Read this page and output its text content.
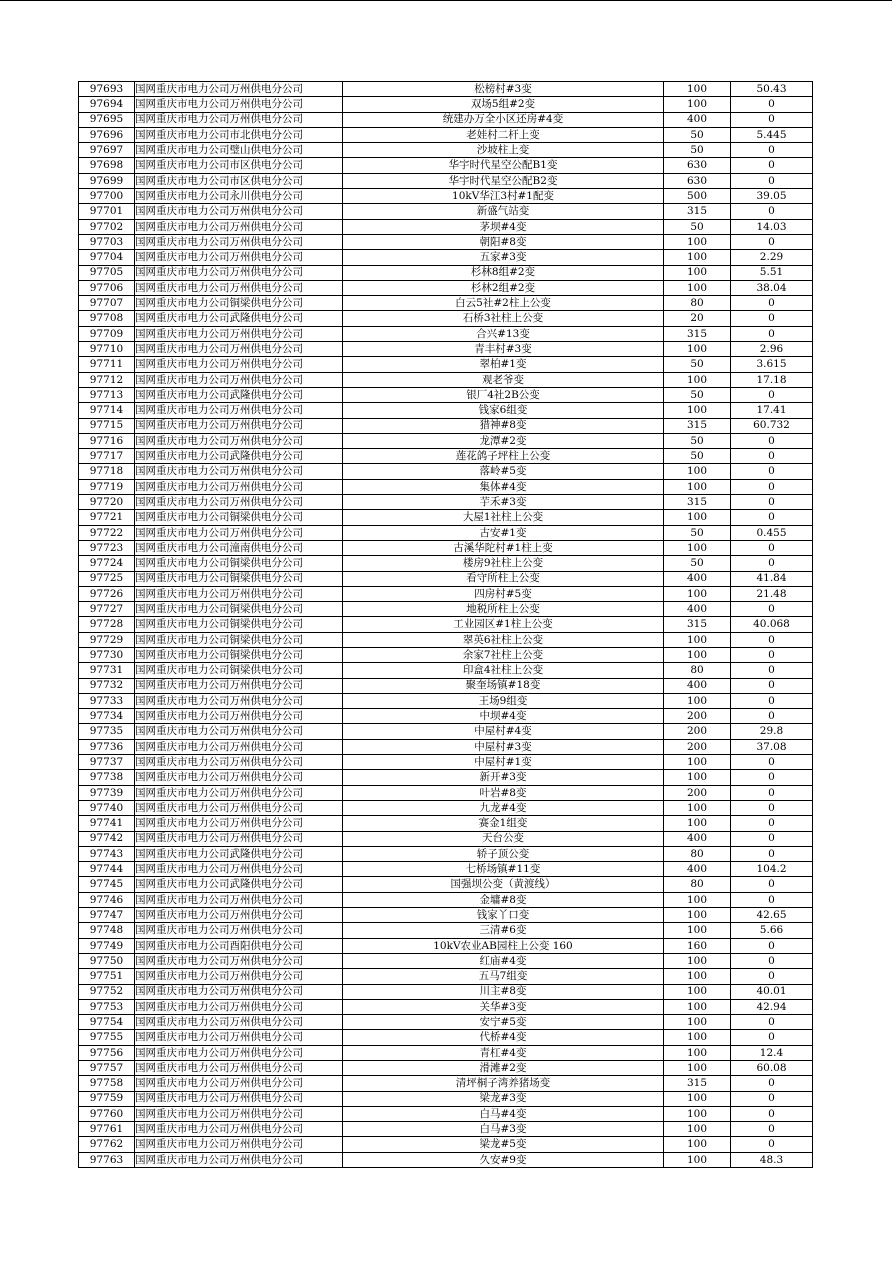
97693	国网重庆市电力公司万州供电分公司	松榜村#3变	100	50.43
97694	国网重庆市电力公司万州供电分公司	双场5组#2变	100	0
97695	国网重庆市电力公司万州供电分公司	统建办万全小区还房#4变	400	0
97696	国网重庆市电力公司市北供电分公司	老娃村二杆上变	50	5.445
97697	国网重庆市电力公司璧山供电分公司	沙坡柱上变	50	0
97698	国网重庆市电力公司市区供电分公司	华宇时代星空公配B1变	630	0
97699	国网重庆市电力公司市区供电分公司	华宇时代星空公配B2变	630	0
97700	国网重庆市电力公司永川供电分公司	10kV华江3村#1配变	500	39.05
97701	国网重庆市电力公司万州供电分公司	新盛气站变	315	0
97702	国网重庆市电力公司万州供电分公司	茅坝#4变	50	14.03
97703	国网重庆市电力公司万州供电分公司	朝阳#8变	100	0
97704	国网重庆市电力公司万州供电分公司	五家#3变	100	2.29
97705	国网重庆市电力公司万州供电分公司	杉林8组#2变	100	5.51
97706	国网重庆市电力公司万州供电分公司	杉林2组#2变	100	38.04
97707	国网重庆市电力公司铜梁供电分公司	白云5社#2柱上公变	80	0
97708	国网重庆市电力公司武隆供电分公司	石桥3社柱上公变	20	0
97709	国网重庆市电力公司万州供电分公司	合兴#13变	315	0
97710	国网重庆市电力公司万州供电分公司	青丰村#3变	100	2.96
97711	国网重庆市电力公司万州供电分公司	翠柏#1变	50	3.615
97712	国网重庆市电力公司万州供电分公司	观老爷变	100	17.18
97713	国网重庆市电力公司武隆供电分公司	银厂4社2B公变	50	0
97714	国网重庆市电力公司万州供电分公司	钱家6组变	100	17.41
97715	国网重庆市电力公司万州供电分公司	猎神#8变	315	60.732
97716	国网重庆市电力公司万州供电分公司	龙潭#2变	50	0
97717	国网重庆市电力公司武隆供电分公司	莲花鸽子坪柱上公变	50	0
97718	国网重庆市电力公司万州供电分公司	落岭#5变	100	0
97719	国网重庆市电力公司万州供电分公司	集体#4变	100	0
97720	国网重庆市电力公司万州供电分公司	芋禾#3变	315	0
97721	国网重庆市电力公司铜梁供电分公司	大屋1社柱上公变	100	0
97722	国网重庆市电力公司万州供电分公司	古安#1变	50	0.455
97723	国网重庆市电力公司潼南供电分公司	古溪华陀村#1柱上变	100	0
97724	国网重庆市电力公司铜梁供电分公司	楼房9社柱上公变	50	0
97725	国网重庆市电力公司铜梁供电分公司	看守所柱上公变	400	41.84
97726	国网重庆市电力公司万州供电分公司	四房村#5变	100	21.48
97727	国网重庆市电力公司铜梁供电分公司	地税所柱上公变	400	0
97728	国网重庆市电力公司铜梁供电分公司	工业园区#1柱上公变	315	40.068
97729	国网重庆市电力公司铜梁供电分公司	翠英6社柱上公变	100	0
97730	国网重庆市电力公司铜梁供电分公司	余家7社柱上公变	100	0
97731	国网重庆市电力公司铜梁供电分公司	印盒4社柱上公变	80	0
97732	国网重庆市电力公司万州供电分公司	聚奎场镇#18变	400	0
97733	国网重庆市电力公司万州供电分公司	王场9组变	100	0
97734	国网重庆市电力公司万州供电分公司	中坝#4变	200	0
97735	国网重庆市电力公司万州供电分公司	中屋村#4变	200	29.8
97736	国网重庆市电力公司万州供电分公司	中屋村#3变	200	37.08
97737	国网重庆市电力公司万州供电分公司	中屋村#1变	100	0
97738	国网重庆市电力公司万州供电分公司	新开#3变	100	0
97739	国网重庆市电力公司万州供电分公司	叶岩#8变	200	0
97740	国网重庆市电力公司万州供电分公司	九龙#4变	100	0
97741	国网重庆市电力公司万州供电分公司	赛金1组变	100	0
97742	国网重庆市电力公司万州供电分公司	天台公变	400	0
97743	国网重庆市电力公司武隆供电分公司	轿子顶公变	80	0
97744	国网重庆市电力公司万州供电分公司	七桥场镇#11变	400	104.2
97745	国网重庆市电力公司武隆供电分公司	国强坝公变（黄渡线）	80	0
97746	国网重庆市电力公司万州供电分公司	金墉#8变	100	0
97747	国网重庆市电力公司万州供电分公司	钱家丫口变	100	42.65
97748	国网重庆市电力公司万州供电分公司	三清#6变	100	5.66
97749	国网重庆市电力公司酉阳供电分公司	10kV农业AB园柱上公变 160	160	0
97750	国网重庆市电力公司万州供电分公司	红庙#4变	100	0
97751	国网重庆市电力公司万州供电分公司	五马7组变	100	0
97752	国网重庆市电力公司万州供电分公司	川主#8变	100	40.01
97753	国网重庆市电力公司万州供电分公司	关华#3变	100	42.94
97754	国网重庆市电力公司万州供电分公司	安宁#5变	100	0
97755	国网重庆市电力公司万州供电分公司	代桥#4变	100	0
97756	国网重庆市电力公司万州供电分公司	青杠#4变	100	12.4
97757	国网重庆市电力公司万州供电分公司	滑滩#2变	100	60.08
97758	国网重庆市电力公司万州供电分公司	清坪桐子湾养猪场变	315	0
97759	国网重庆市电力公司万州供电分公司	梁龙#3变	100	0
97760	国网重庆市电力公司万州供电分公司	白马#4变	100	0
97761	国网重庆市电力公司万州供电分公司	白马#3变	100	0
97762	国网重庆市电力公司万州供电分公司	梁龙#5变	100	0
97763	国网重庆市电力公司万州供电分公司	久安#9变	100	48.3
